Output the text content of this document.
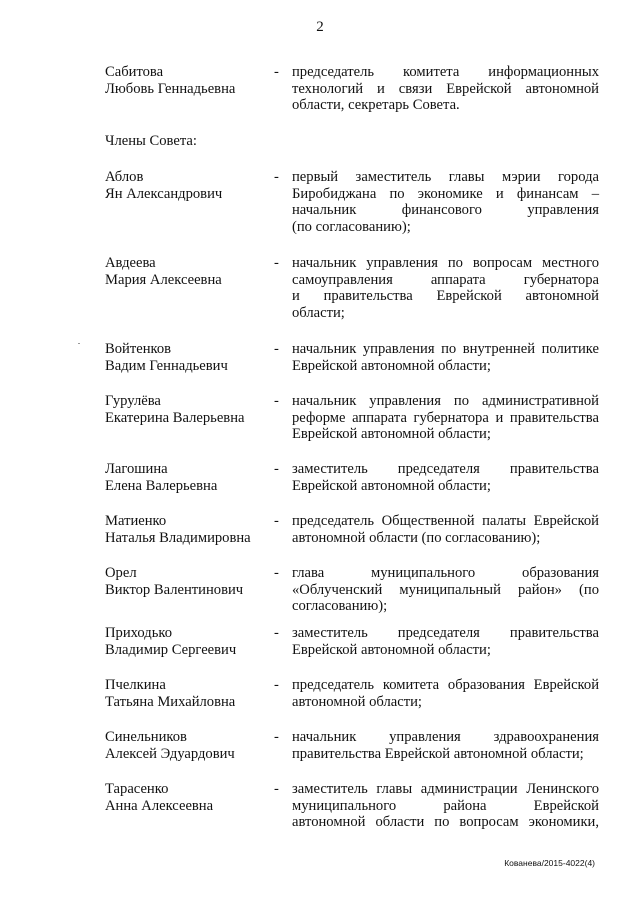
2
Сабитова
Любовь Геннадьевна
- председатель комитета информационных
технологий и связи Еврейской автономной
области, секретарь Совета.
Члены Совета:
Аблов
Ян Александрович
- первый заместитель главы мэрии города
Биробиджана по экономике и финансам –
начальник финансового управления
(по согласованию);
Авдеева
Мария Алексеевна
- начальник управления по вопросам местного
самоуправления аппарата губернатора
и правительства Еврейской автономной
области;
Войтенков
Вадим Геннадьевич
- начальник управления по внутренней политике
Еврейской автономной области;
Гурулёва
Екатерина Валерьевна
- начальник управления по административной
реформе аппарата губернатора и правительства
Еврейской автономной области;
Лагошина
Елена Валерьевна
- заместитель председателя правительства
Еврейской автономной области;
Матиенко
Наталья Владимировна
- председатель Общественной палаты Еврейской
автономной области (по согласованию);
Орел
Виктор Валентинович
- глава муниципального образования
«Облученский муниципальный район» (по
согласованию);
Приходько
Владимир Сергеевич
- заместитель председателя правительства
Еврейской автономной области;
Пчелкина
Татьяна Михайловна
- председатель комитета образования Еврейской
автономной области;
Синельников
Алексей Эдуардович
- начальник управления здравоохранения
правительства Еврейской автономной области;
Тарасенко
Анна Алексеевна
- заместитель главы администрации Ленинского
муниципального района Еврейской
автономной области по вопросам экономики,
Кованева/2015-4022(4)
